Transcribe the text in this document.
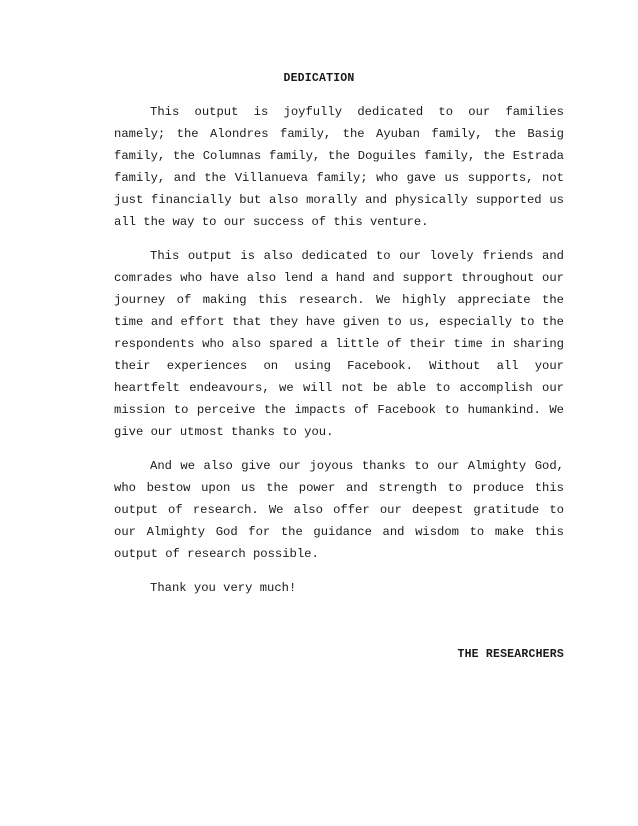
DEDICATION

This output is joyfully dedicated to our families namely; the Alondres family, the Ayuban family, the Basig family, the Columnas family, the Doguiles family, the Estrada family, and the Villanueva family; who gave us supports, not just financially but also morally and physically supported us all the way to our success of this venture.

This output is also dedicated to our lovely friends and comrades who have also lend a hand and support throughout our journey of making this research. We highly appreciate the time and effort that they have given to us, especially to the respondents who also spared a little of their time in sharing their experiences on using Facebook. Without all your heartfelt endeavours, we will not be able to accomplish our mission to perceive the impacts of Facebook to humankind. We give our utmost thanks to you.

And we also give our joyous thanks to our Almighty God, who bestow upon us the power and strength to produce this output of research. We also offer our deepest gratitude to our Almighty God for the guidance and wisdom to make this output of research possible.

Thank you very much!

THE RESEARCHERS
